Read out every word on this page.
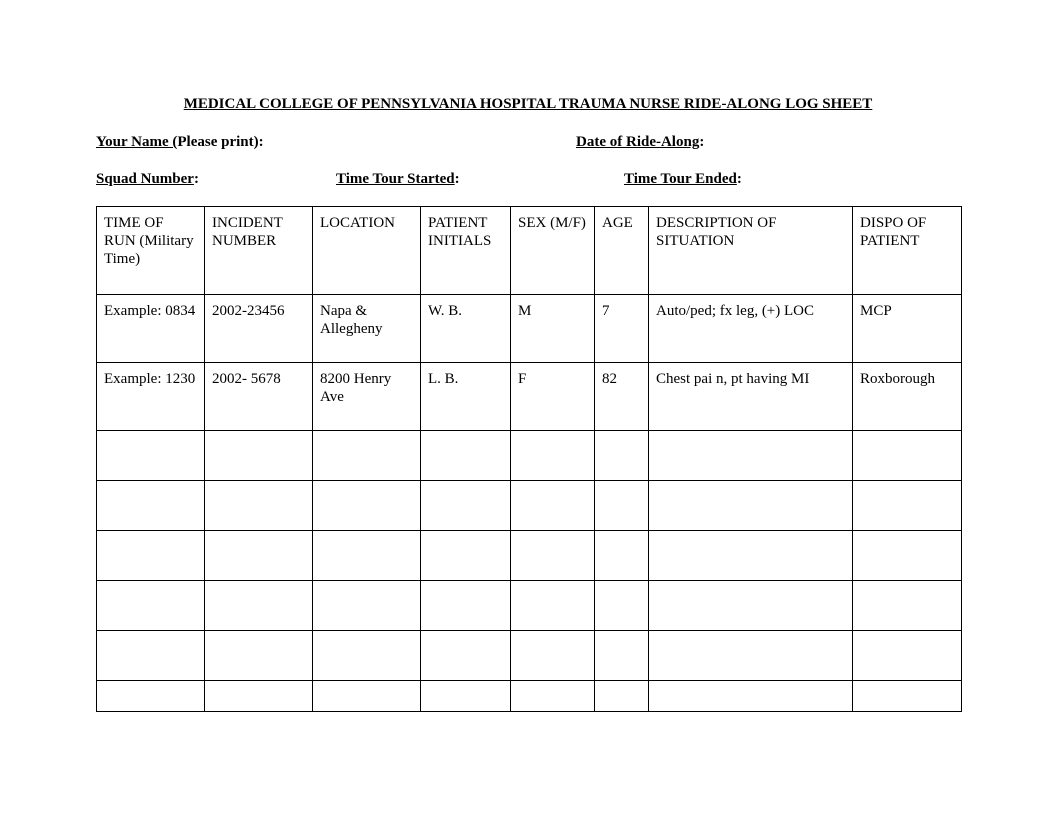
MEDICAL COLLEGE OF PENNSYLVANIA HOSPITAL TRAUMA NURSE RIDE-ALONG LOG SHEET
Your Name (Please print):	Date of Ride-Along:
Squad Number:	Time Tour Started:	Time Tour Ended:
TIME OF RUN (Military Time)	INCIDENT NUMBER	LOCATION	PATIENT INITIALS	SEX (M/F)	AGE	DESCRIPTION OF SITUATION	DISPO OF PATIENT
Example: 0834	2002-23456	Napa & Allegheny	W. B.	M	7	Auto/ped; fx leg, (+) LOC	MCP
Example: 1230	2002- 5678	8200 Henry Ave	L. B.	F	82	Chest pai n, pt having MI	Roxborough
